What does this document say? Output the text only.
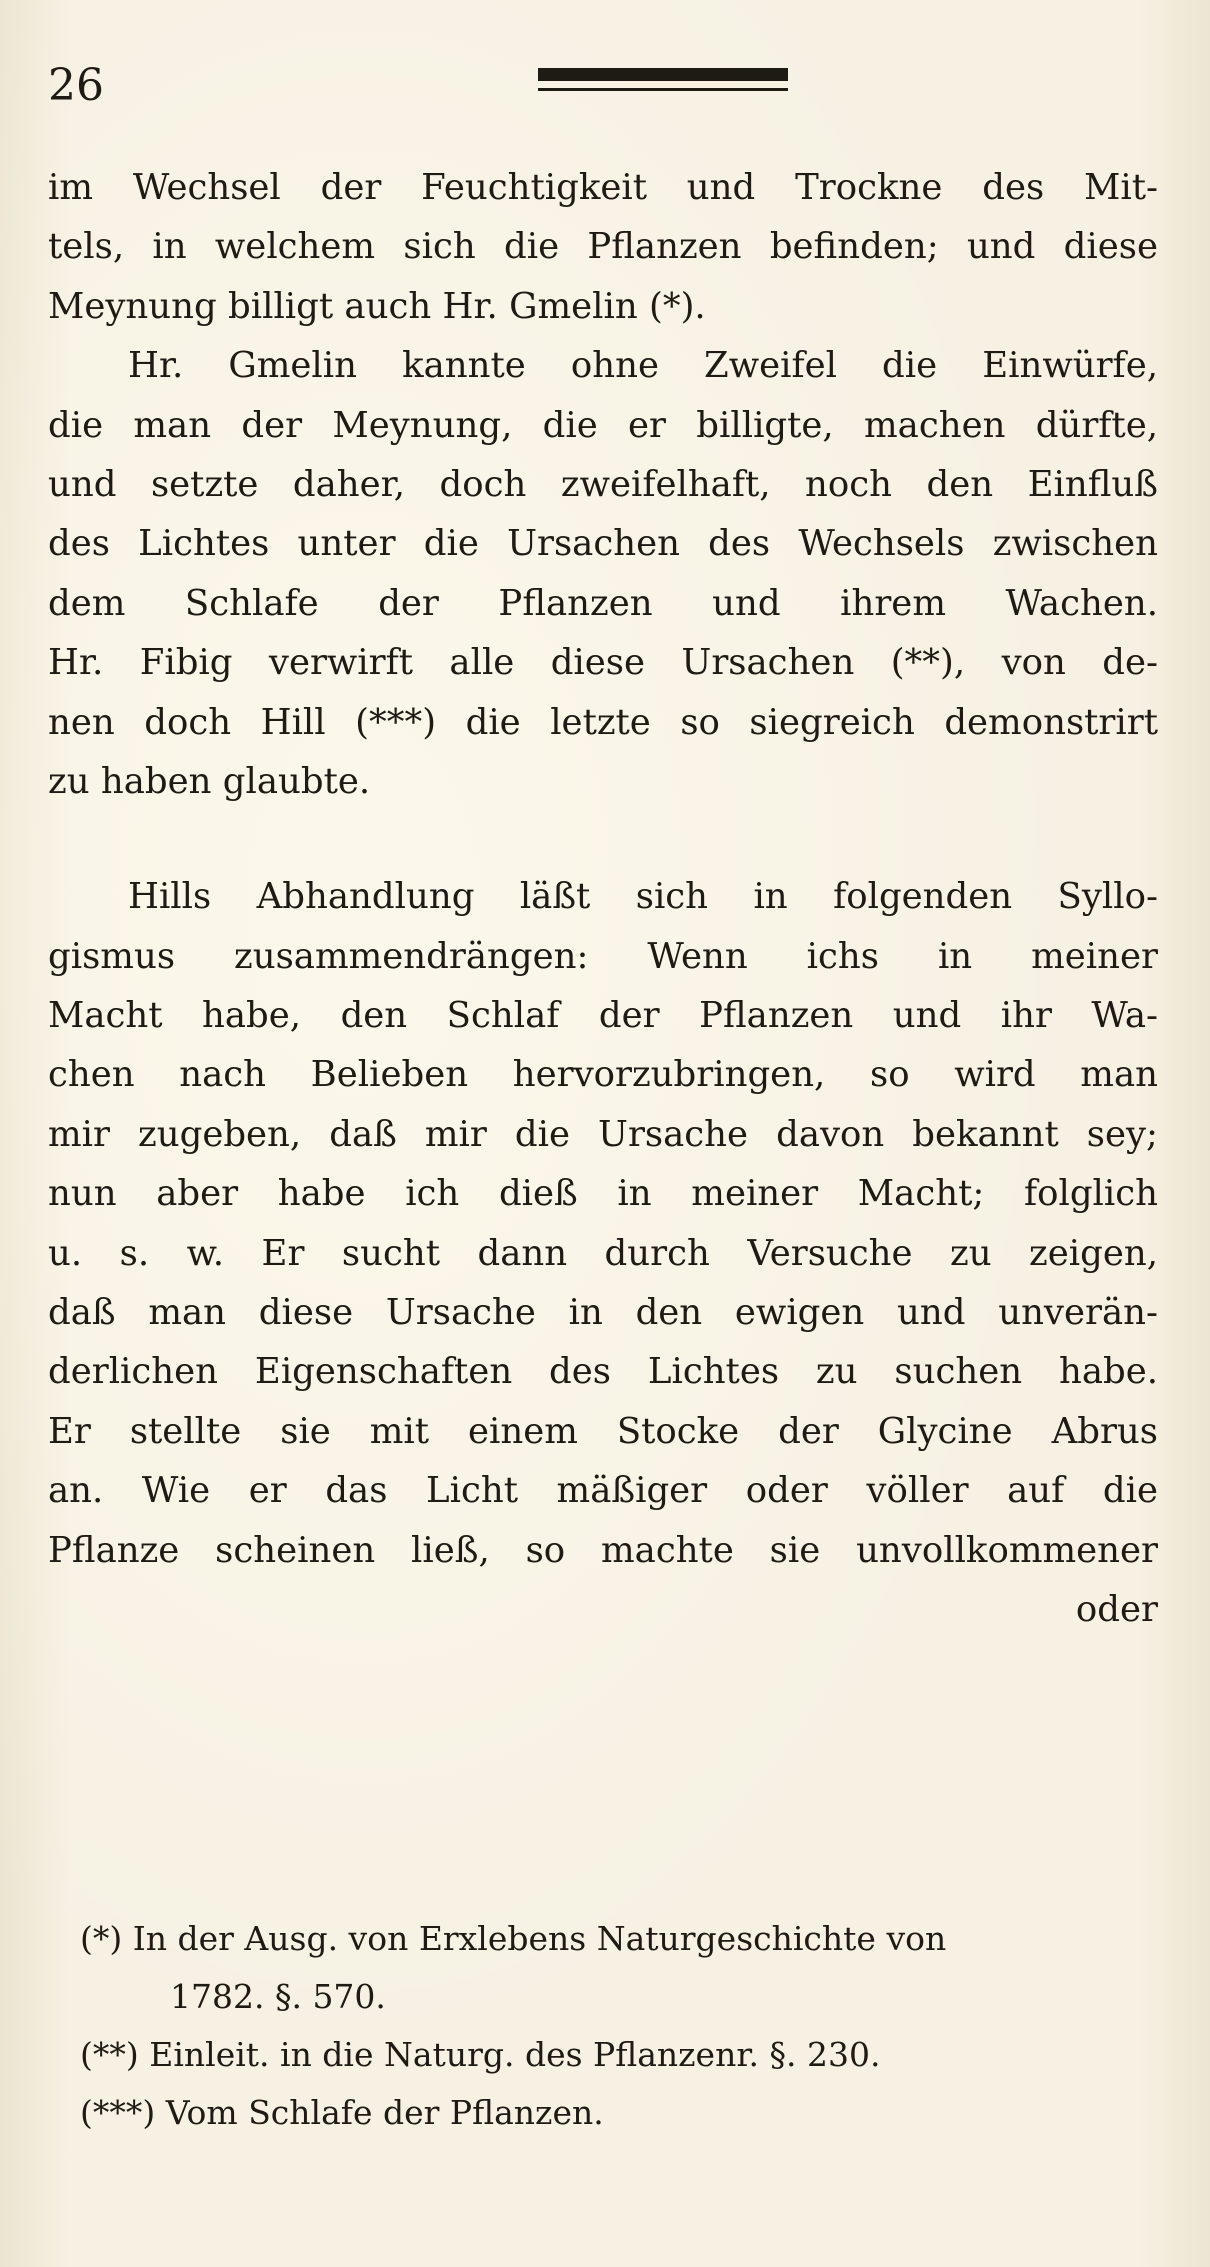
26
im Wechsel der Feuchtigkeit und Trockne des Mit-
tels, in welchem sich die Pflanzen befinden; und diese
Meynung billigt auch Hr. Gmelin (*).
Hr. Gmelin kannte ohne Zweifel die Einwürfe,
die man der Meynung, die er billigte, machen dürfte,
und setzte daher, doch zweifelhaft, noch den Einfluß
des Lichtes unter die Ursachen des Wechsels zwischen
dem Schlafe der Pflanzen und ihrem Wachen.
Hr. Fibig verwirft alle diese Ursachen (**), von de-
nen doch Hill (***) die letzte so siegreich demonstrirt
zu haben glaubte.
Hills Abhandlung läßt sich in folgenden Syllo-
gismus zusammendrängen: Wenn ichs in meiner
Macht habe, den Schlaf der Pflanzen und ihr Wa-
chen nach Belieben hervorzubringen, so wird man
mir zugeben, daß mir die Ursache davon bekannt sey;
nun aber habe ich dieß in meiner Macht; folglich
u. s. w. Er sucht dann durch Versuche zu zeigen,
daß man diese Ursache in den ewigen und unverän-
derlichen Eigenschaften des Lichtes zu suchen habe.
Er stellte sie mit einem Stocke der Glycine Abrus
an. Wie er das Licht mäßiger oder völler auf die
Pflanze scheinen ließ, so machte sie unvollkommener
oder
(*) In der Ausg. von Erxlebens Naturgeschichte von
1782. §. 570.
(**) Einleit. in die Naturg. des Pflanzenr. §. 230.
(***) Vom Schlafe der Pflanzen.
